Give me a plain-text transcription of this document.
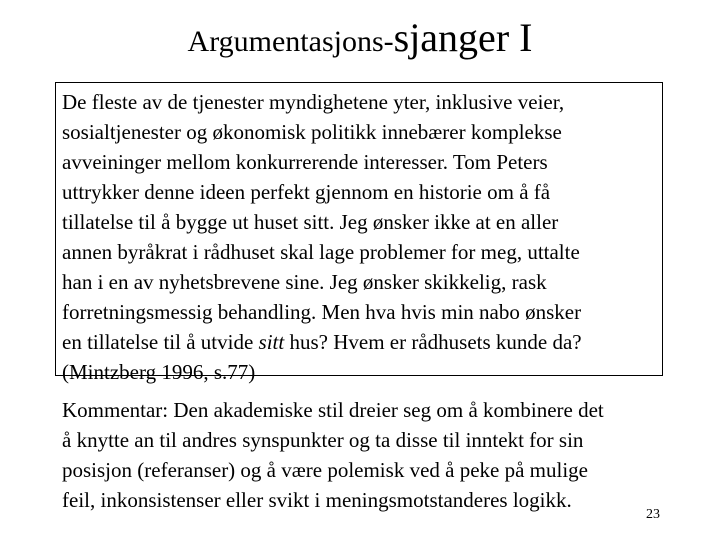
Argumentasjons-sjanger I
De fleste av de tjenester myndighetene yter, inklusive veier,
sosialtjenester og økonomisk politikk innebærer komplekse
avveininger mellom konkurrerende interesser. Tom Peters
uttrykker denne ideen perfekt gjennom en historie om å få
tillatelse til å bygge ut huset sitt. Jeg ønsker ikke at en aller
annen byråkrat i rådhuset skal lage problemer for meg, uttalte
han i en av nyhetsbrevene sine. Jeg ønsker skikkelig, rask
forretningsmessig behandling. Men hva hvis min nabo ønsker
en tillatelse til å utvide sitt hus? Hvem er rådhusets kunde da?
(Mintzberg 1996, s.77)
Kommentar: Den akademiske stil dreier seg om å kombinere det
å knytte an til andres synspunkter og ta disse til inntekt for sin
posisjon (referanser) og å være polemisk ved å peke på mulige
feil, inkonsistenser eller svikt i meningsmotstanderes logikk.
23
